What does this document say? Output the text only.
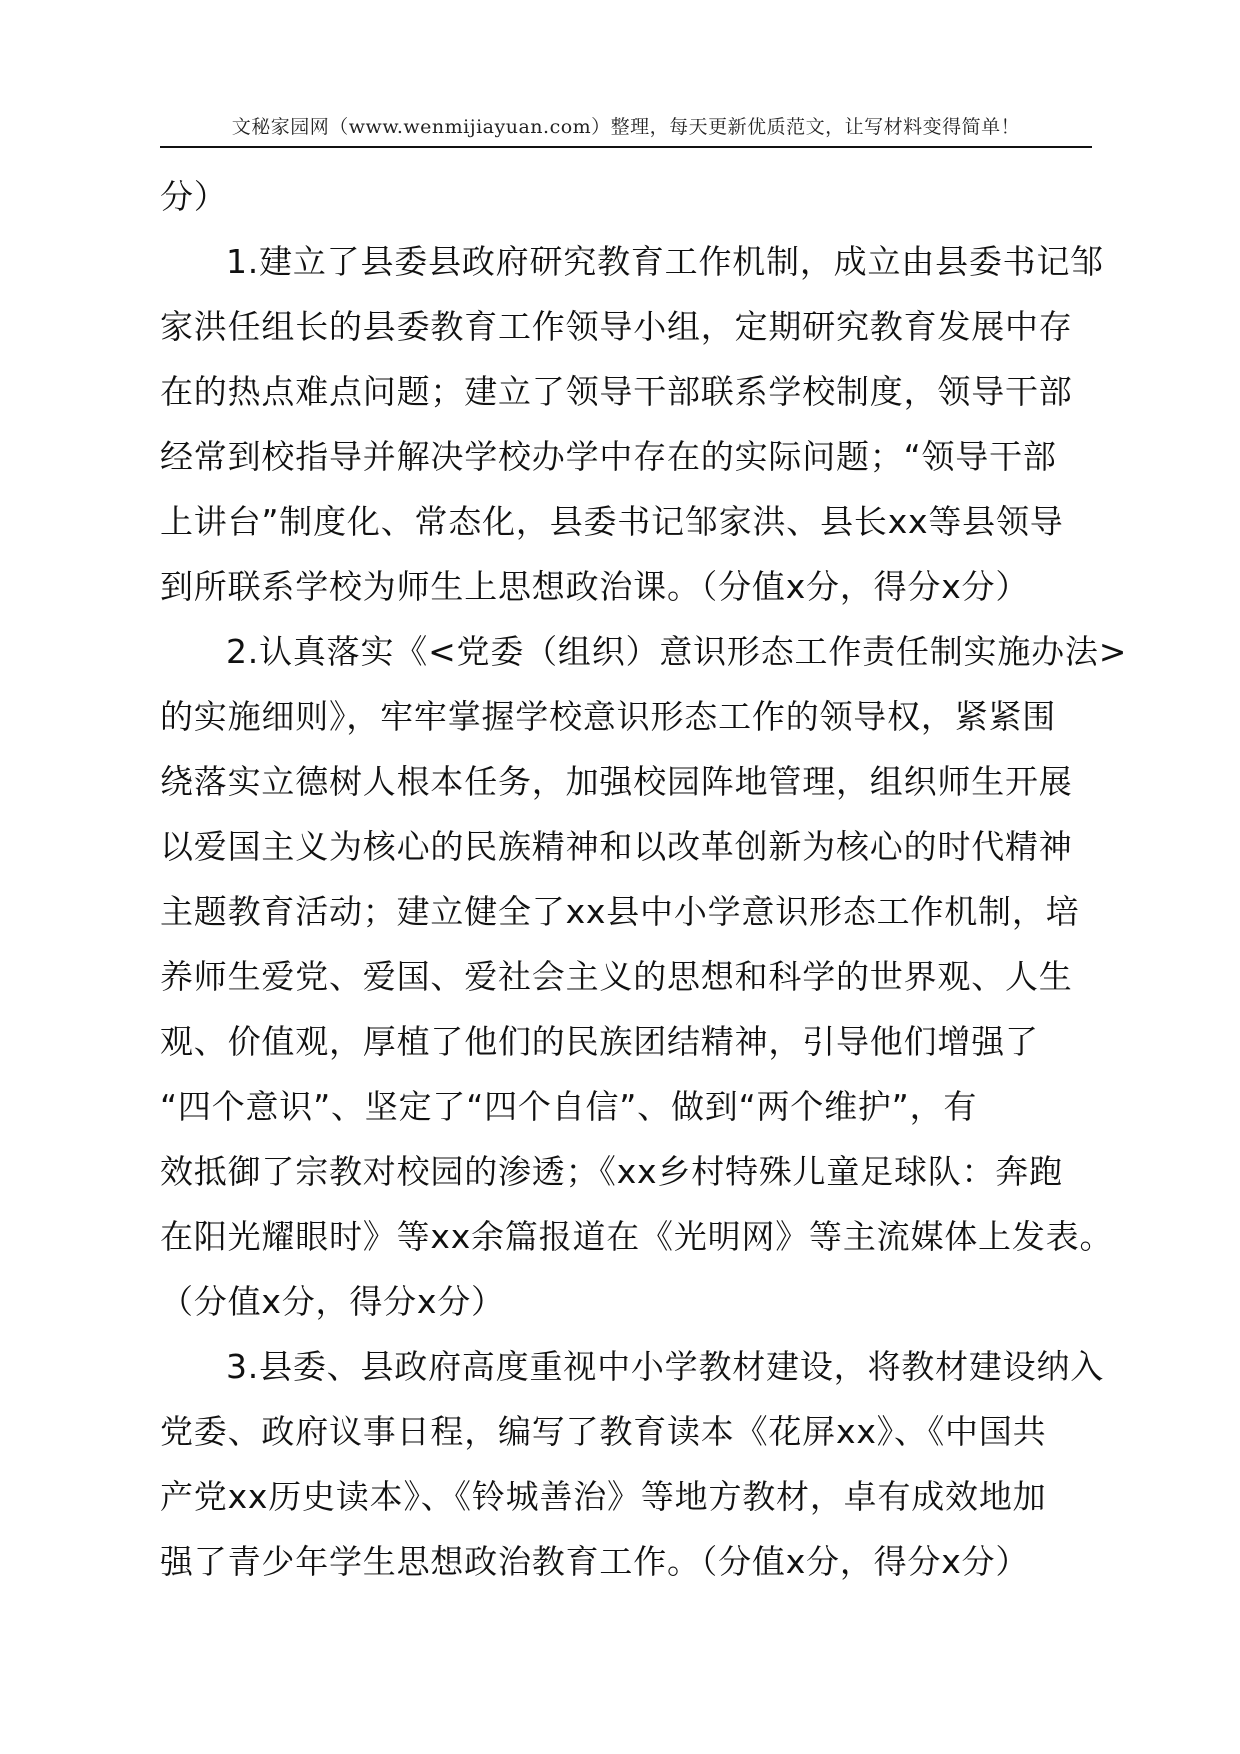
文秘家园网（www.wenmijiayuan.com）整理，每天更新优质范文，让写材料变得简单！
分）
1.建立了县委县政府研究教育工作机制，成立由县委书记邹
家洪任组长的县委教育工作领导小组，定期研究教育发展中存
在的热点难点问题；建立了领导干部联系学校制度，领导干部
经常到校指导并解决学校办学中存在的实际问题；“领导干部
上讲台”制度化、常态化，县委书记邹家洪、县长xx等县领导
到所联系学校为师生上思想政治课。（分值x分，得分x分）
2.认真落实《<党委（组织）意识形态工作责任制实施办法>
的实施细则》，牢牢掌握学校意识形态工作的领导权，紧紧围
绕落实立德树人根本任务，加强校园阵地管理，组织师生开展
以爱国主义为核心的民族精神和以改革创新为核心的时代精神
主题教育活动；建立健全了xx县中小学意识形态工作机制，培
养师生爱党、爱国、爱社会主义的思想和科学的世界观、人生
观、价值观，厚植了他们的民族团结精神，引导他们增强了
“四个意识”、坚定了“四个自信”、做到“两个维护”，有
效抵御了宗教对校园的渗透；《xx乡村特殊儿童足球队：奔跑
在阳光耀眼时》等xx余篇报道在《光明网》等主流媒体上发表。
（分值x分，得分x分）
3.县委、县政府高度重视中小学教材建设，将教材建设纳入
党委、政府议事日程，编写了教育读本《花屏xx》、《中国共
产党xx历史读本》、《铃城善治》等地方教材，卓有成效地加
强了青少年学生思想政治教育工作。（分值x分，得分x分）
